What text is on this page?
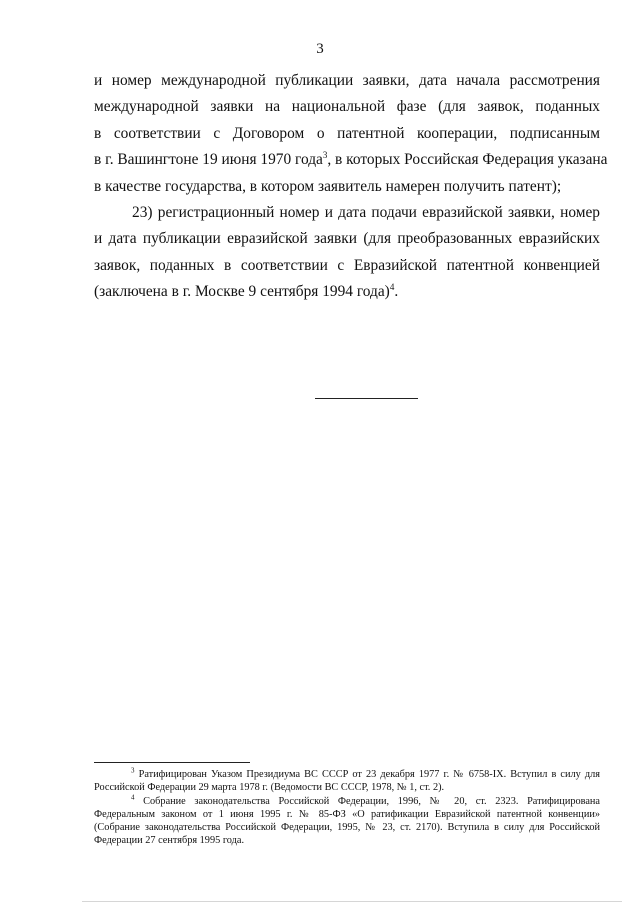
3
и номер международной публикации заявки, дата начала рассмотрения
международной заявки на национальной фазе (для заявок, поданных
в соответствии с Договором о патентной кооперации, подписанным
в г. Вашингтоне 19 июня 1970 года$^3$, в которых Российская Федерация указана
в качестве государства, в котором заявитель намерен получить патент);
23) регистрационный номер и дата подачи евразийской заявки, номер
и дата публикации евразийской заявки (для преобразованных евразийских
заявок, поданных в соответствии с Евразийской патентной конвенцией
(заключена в г. Москве 9 сентября 1994 года)$^4$.
$^3$ Ратифицирован Указом Президиума ВС СССР от 23 декабря 1977 г. № 6758-IX. Вступил в силу для
Российской Федерации 29 марта 1978 г. (Ведомости ВС СССР, 1978, № 1, ст. 2).
$^4$ Собрание законодательства Российской Федерации, 1996, № 20, ст. 2323. Ратифицирована
Федеральным законом от 1 июня 1995 г. № 85-ФЗ «О ратификации Евразийской патентной конвенции»
(Собрание законодательства Российской Федерации, 1995, № 23, ст. 2170). Вступила в силу для Российской
Федерации 27 сентября 1995 года.
